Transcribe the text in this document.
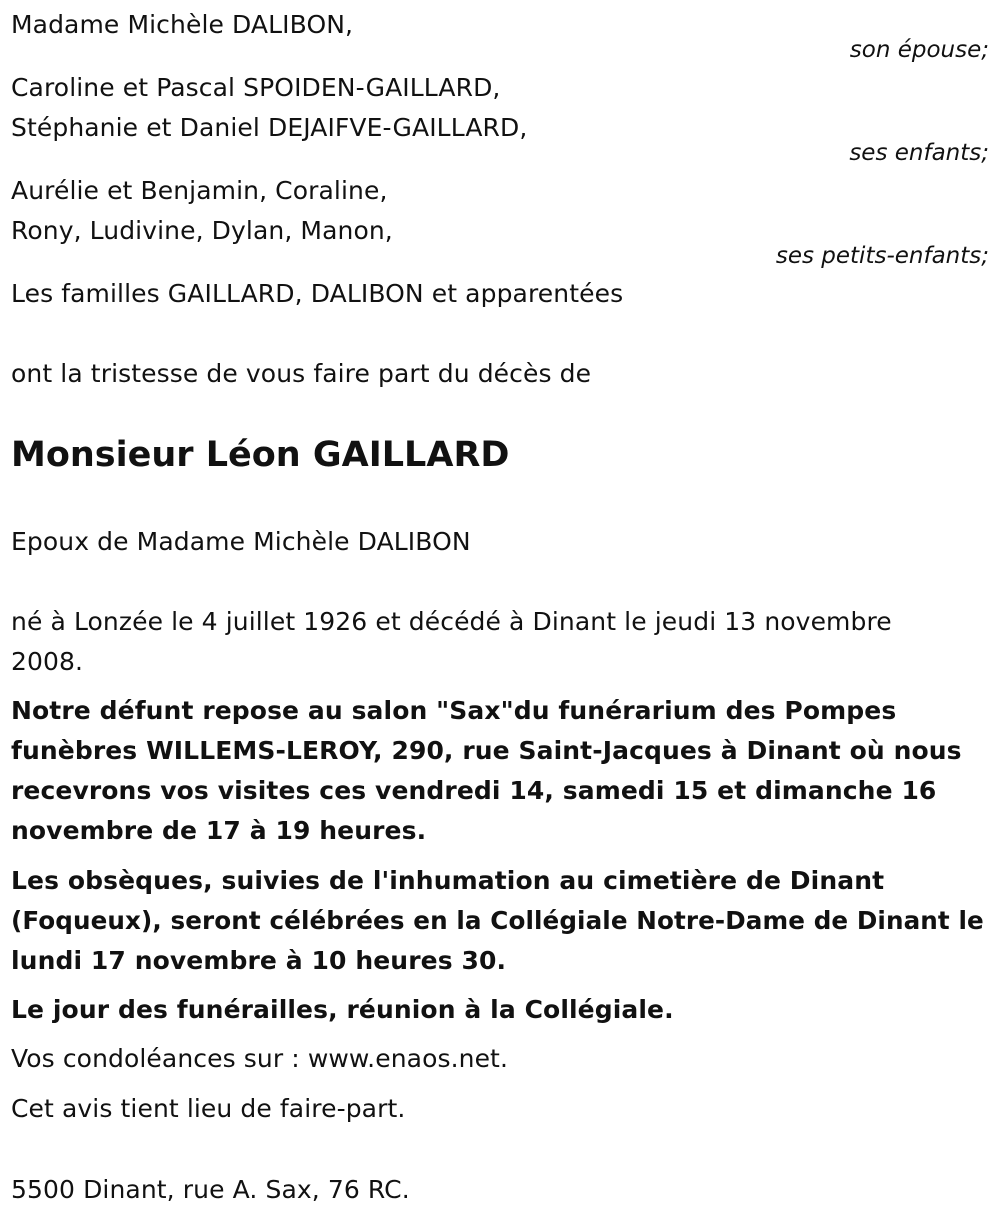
Madame Michèle DALIBON,
son épouse;
Caroline et Pascal SPOIDEN-GAILLARD,
Stéphanie et Daniel DEJAIFVE-GAILLARD,
ses enfants;
Aurélie et Benjamin, Coraline,
Rony, Ludivine, Dylan, Manon,
ses petits-enfants;
Les familles GAILLARD, DALIBON et apparentées
ont la tristesse de vous faire part du décès de
Monsieur Léon GAILLARD
Epoux de Madame Michèle DALIBON
né à Lonzée le 4 juillet 1926 et décédé à Dinant le jeudi 13 novembre
2008.
Notre défunt repose au salon "Sax"du funérarium des Pompes
funèbres WILLEMS-LEROY, 290, rue Saint-Jacques à Dinant où nous
recevrons vos visites ces vendredi 14, samedi 15 et dimanche 16
novembre de 17 à 19 heures.
Les obsèques, suivies de l'inhumation au cimetière de Dinant
(Foqueux), seront célébrées en la Collégiale Notre-Dame de Dinant le
lundi 17 novembre à 10 heures 30.
Le jour des funérailles, réunion à la Collégiale.
Vos condoléances sur : www.enaos.net.
Cet avis tient lieu de faire-part.
5500 Dinant, rue A. Sax, 76 RC.
